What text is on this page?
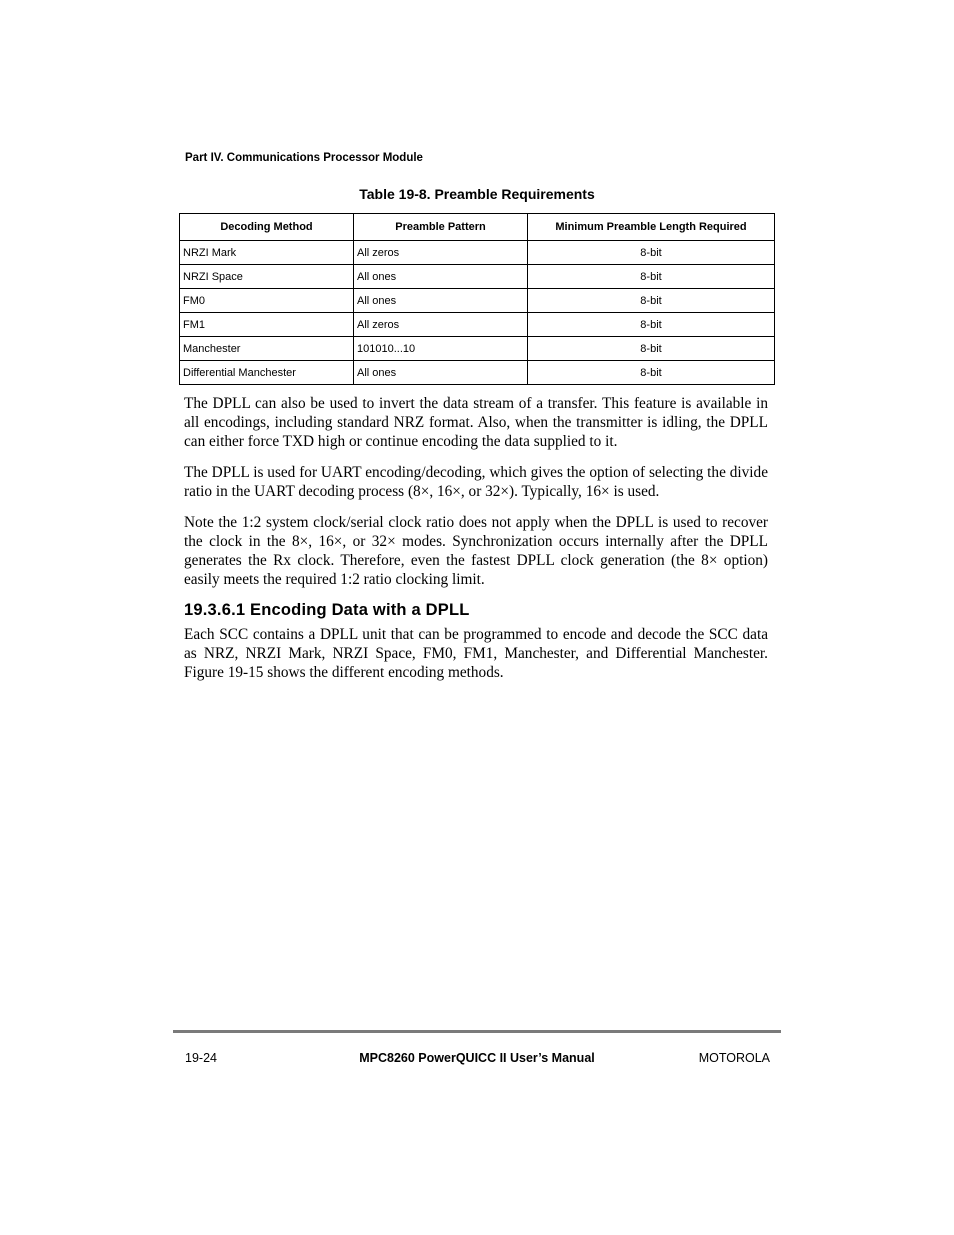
Part IV. Communications Processor Module
Table 19-8. Preamble Requirements
Decoding Method	Preamble Pattern	Minimum Preamble Length Required
NRZI Mark	All zeros	8-bit
NRZI Space	All ones	8-bit
FM0	All ones	8-bit
FM1	All zeros	8-bit
Manchester	101010...10	8-bit
Differential Manchester	All ones	8-bit

The DPLL can also be used to invert the data stream of a transfer. This feature is available in all encodings, including standard NRZ format. Also, when the transmitter is idling, the DPLL can either force TXD high or continue encoding the data supplied to it.

The DPLL is used for UART encoding/decoding, which gives the option of selecting the divide ratio in the UART decoding process (8×, 16×, or 32×). Typically, 16× is used.

Note the 1:2 system clock/serial clock ratio does not apply when the DPLL is used to recover the clock in the 8×, 16×, or 32× modes. Synchronization occurs internally after the DPLL generates the Rx clock. Therefore, even the fastest DPLL clock generation (the 8× option) easily meets the required 1:2 ratio clocking limit.

19.3.6.1 Encoding Data with a DPLL

Each SCC contains a DPLL unit that can be programmed to encode and decode the SCC data as NRZ, NRZI Mark, NRZI Space, FM0, FM1, Manchester, and Differential Manchester. Figure 19-15 shows the different encoding methods.

19-24	MPC8260 PowerQUICC II User’s Manual	MOTOROLA
